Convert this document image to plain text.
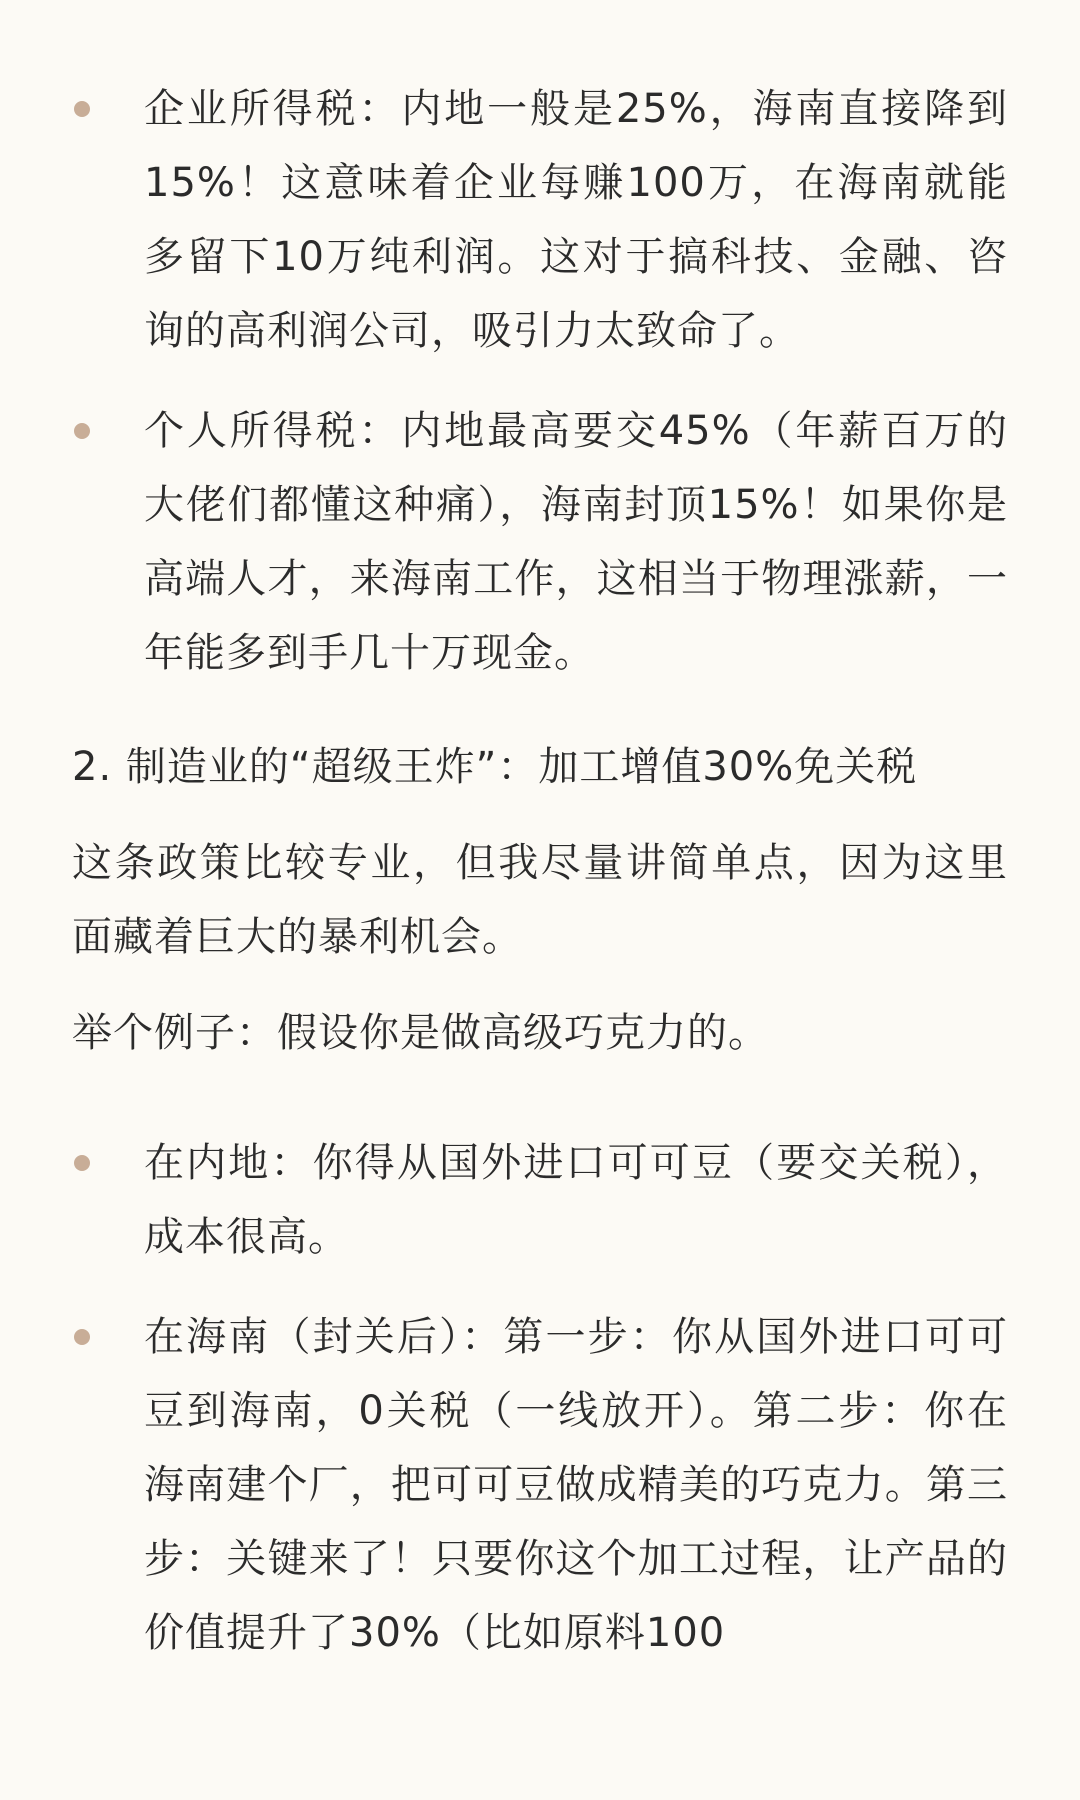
企业所得税：内地一般是25%，海南直接降到15%！这意味着企业每赚100万，在海南就能多留下10万纯利润。这对于搞科技、金融、咨询的高利润公司，吸引力太致命了。
个人所得税：内地最高要交45%（年薪百万的大佬们都懂这种痛），海南封顶15%！如果你是高端人才，来海南工作，这相当于物理涨薪，一年能多到手几十万现金。
2. 制造业的“超级王炸”：加工增值30%免关税

这条政策比较专业，但我尽量讲简单点，因为这里面藏着巨大的暴利机会。

举个例子：假设你是做高级巧克力的。

在内地：你得从国外进口可可豆（要交关税），成本很高。
在海南（封关后）：第一步：你从国外进口可可豆到海南，0关税（一线放开）。第二步：你在海南建个厂，把可可豆做成精美的巧克力。第三步：关键来了！只要你这个加工过程，让产品的价值提升了30%（比如原料100
